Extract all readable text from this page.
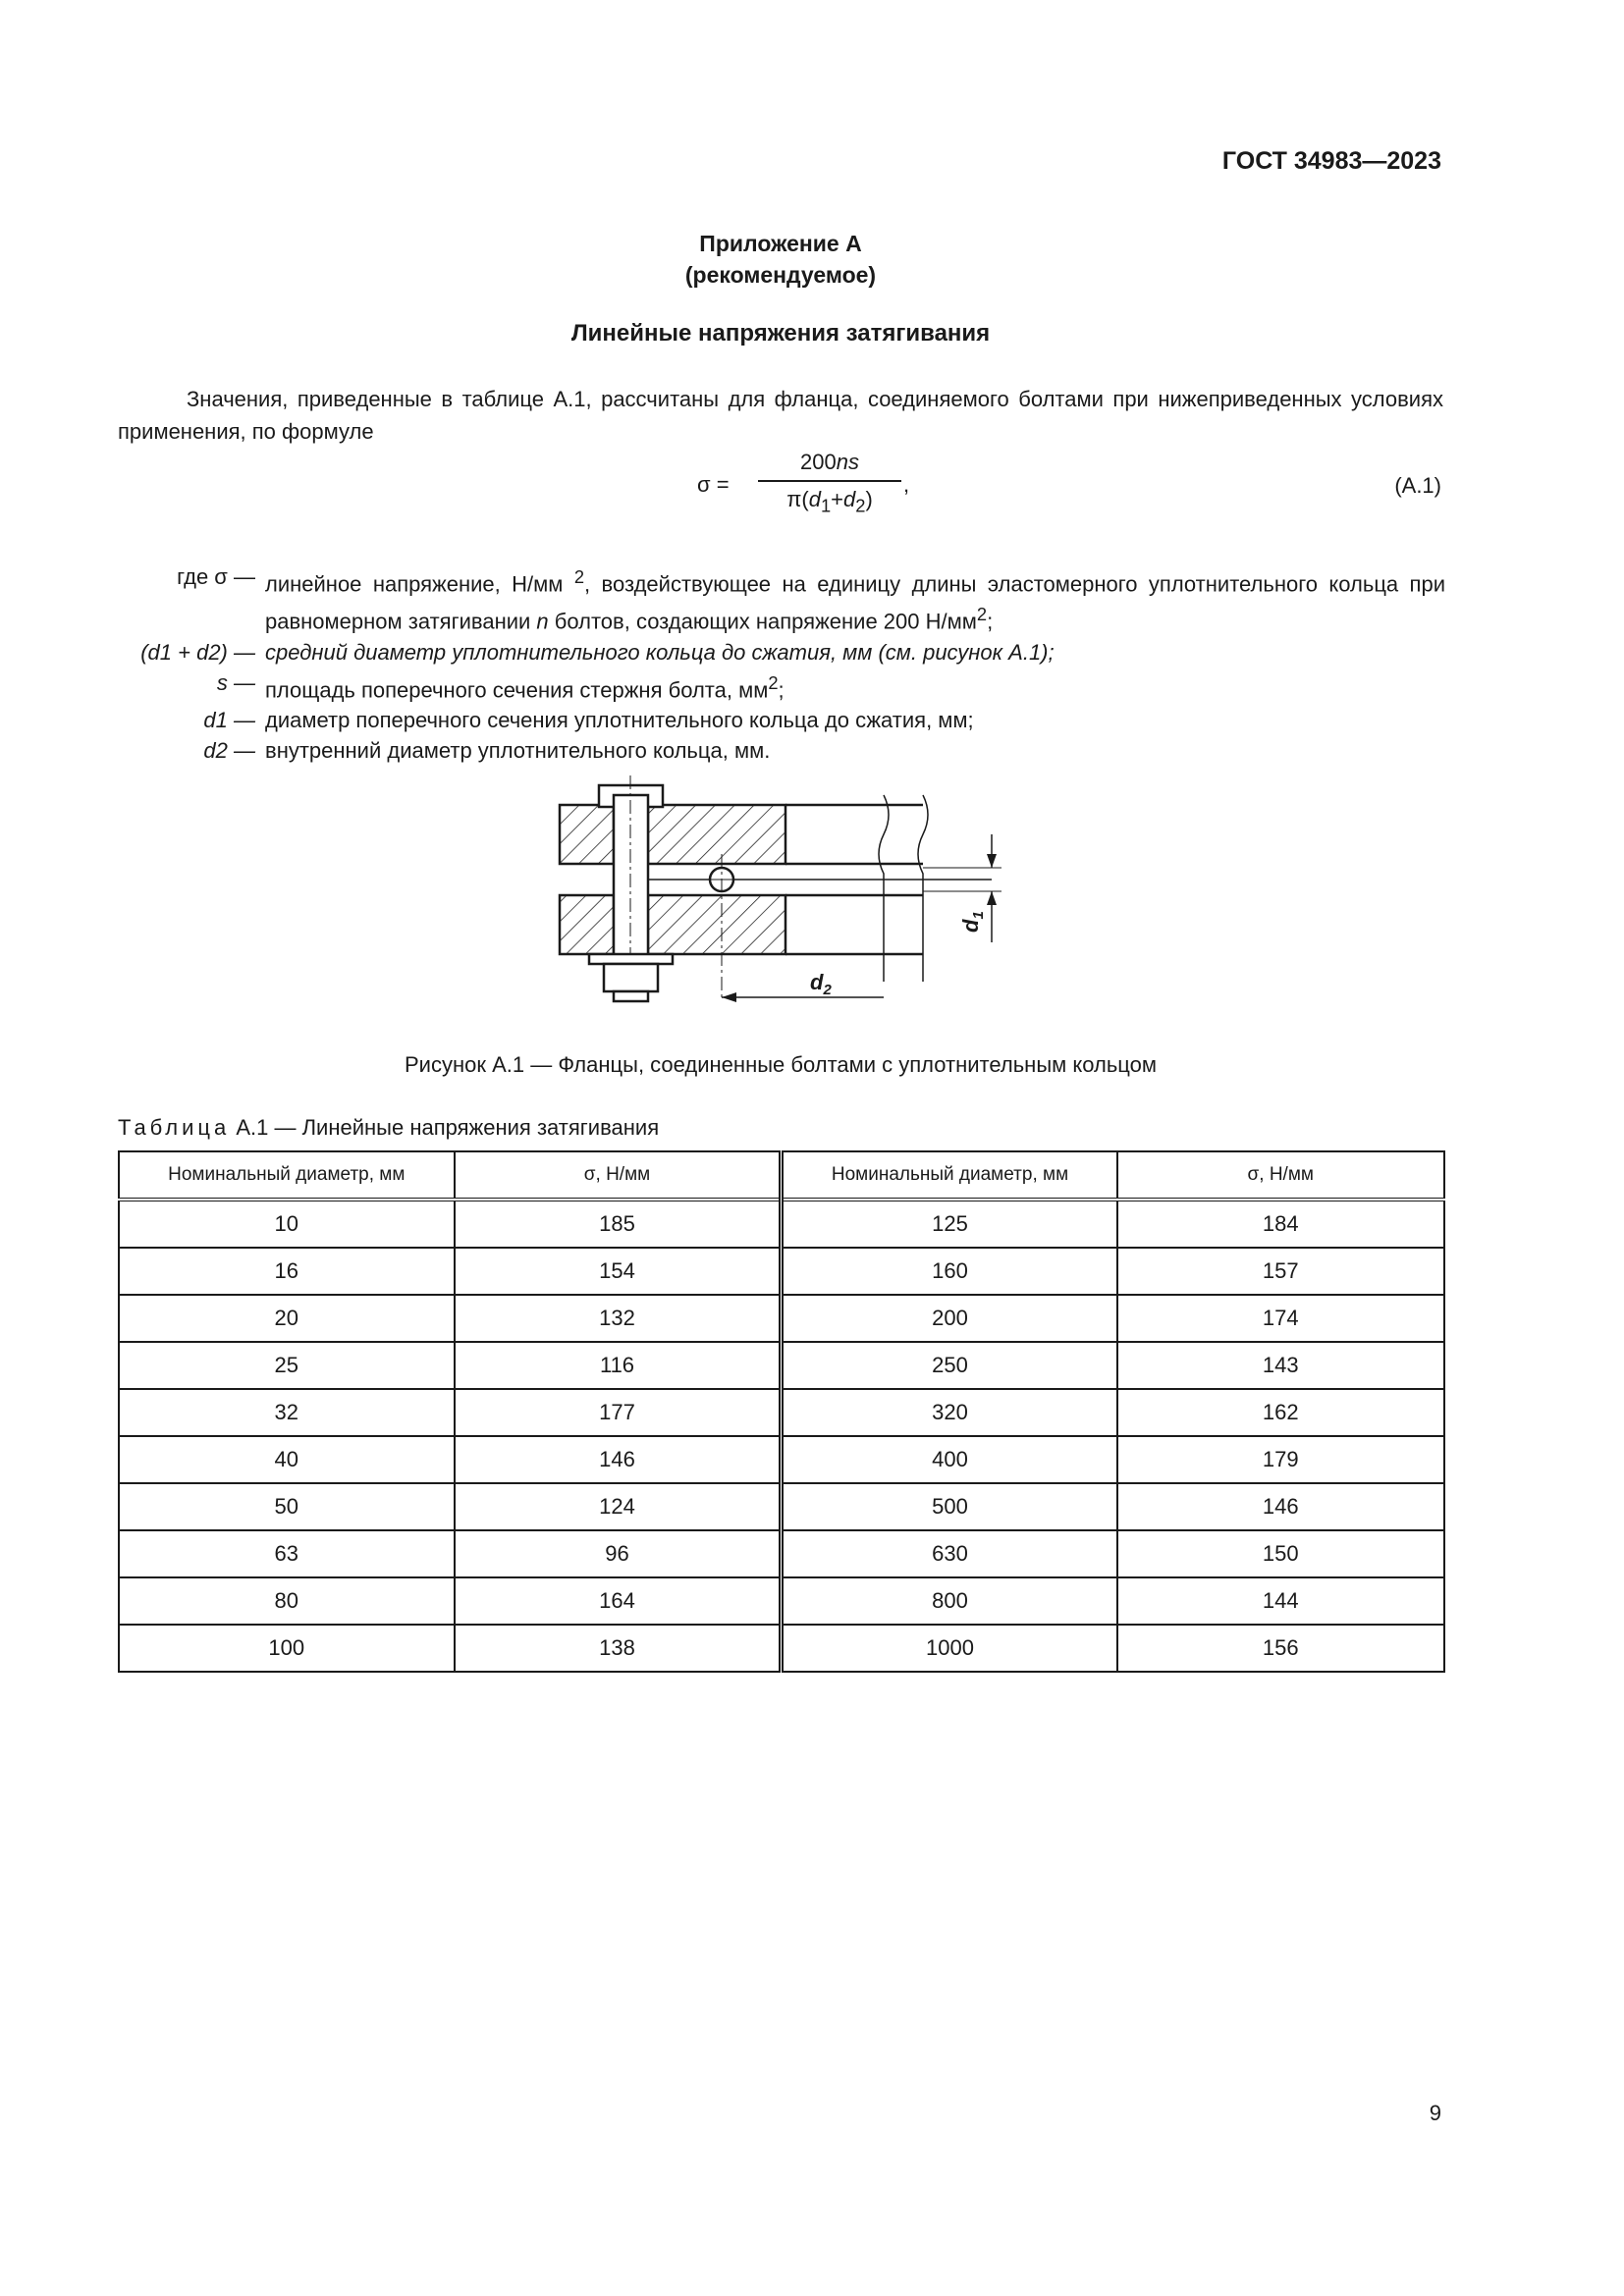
ГОСТ 34983—2023
Приложение А
(рекомендуемое)
Линейные напряжения затягивания
Значения, приведенные в таблице А.1, рассчитаны для фланца, соединяемого болтами при нижеприведенных условиях применения, по формуле
σ =
200ns
$\pi(d_1+d_2)$
,	(А.1)
где σ — линейное напряжение, Н/мм $^2$, воздействующее на единицу длины эластомерного уплотнительного кольца при равномерном затягивании n болтов, создающих напряжение 200 $Н/мм^2$;
(d1 + d2) — средний диаметр уплотнительного кольца до сжатия, мм (см. рисунок А.1);
s — площадь поперечного сечения стержня болта, $мм^2$;
d1 — диаметр поперечного сечения уплотнительного кольца до сжатия, мм;
d2 — внутренний диаметр уплотнительного кольца, мм.
$d_1$
$d_2$
Рисунок А.1 — Фланцы, соединенные болтами с уплотнительным кольцом
Таблица А.1 — Линейные напряжения затягивания
Номинальный диаметр, мм	σ, Н/мм	Номинальный диаметр, мм	σ, Н/мм
10	185	125	184
16	154	160	157
20	132	200	174
25	116	250	143
32	177	320	162
40	146	400	179
50	124	500	146
63	96	630	150
80	164	800	144
100	138	1000	156
9
